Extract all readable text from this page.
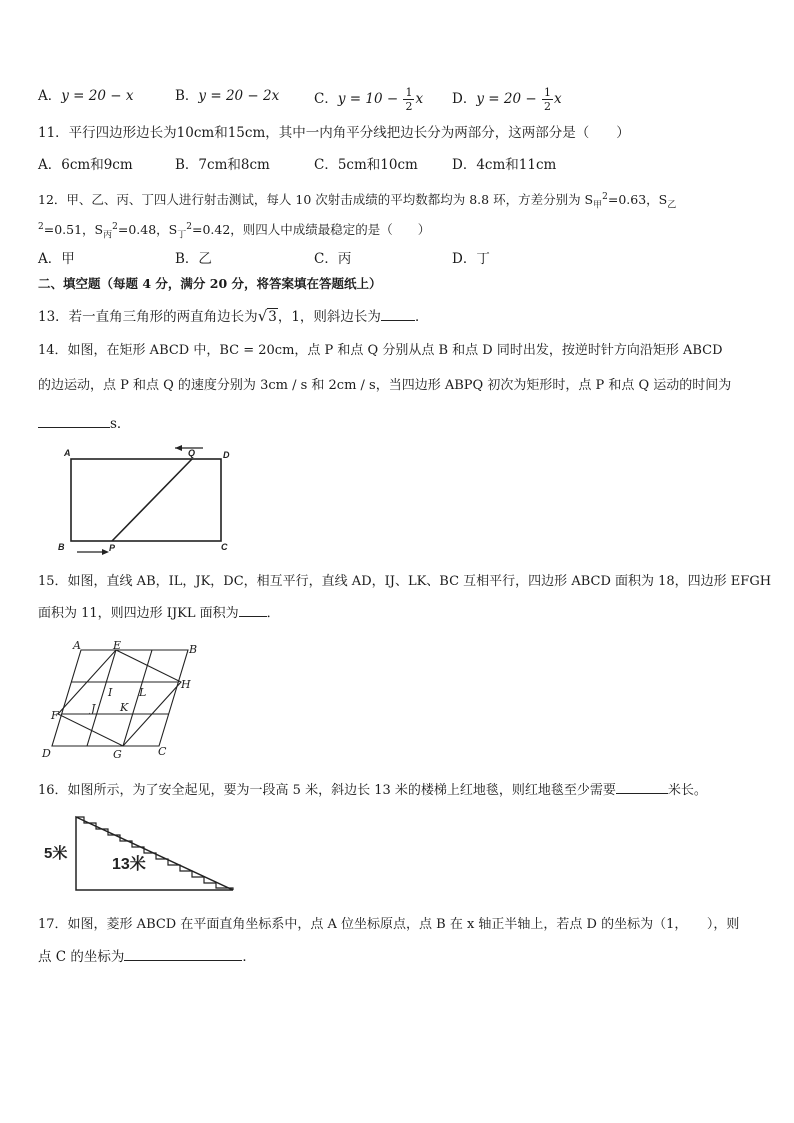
A．y = 20 − x	B．y = 20 − 2x	C．$y = 10 - \frac{1}{2}$ x D．$y = 20 - \frac{1}{2}$ x
11．平行四边形边长为10cm和15cm，其中一内角平分线把边长分为两部分，这两部分是（　　）
A．6cm和9cm	B．7cm和8cm	C．5cm和10cm	D．4cm和11cm
12．甲、乙、丙、丁四人进行射击测试，每人 10 次射击成绩的平均数都均为 8.8 环，方差分别为 $S_甲^2=0.63$，$S_乙$
$^2$=0.51，$S_丙^2=0.48$，$S_丁^2=0.42$，则四人中成绩最稳定的是（　　）
A．甲	B．乙	C．丙	D．丁
二、填空题（每题 4 分，满分 20 分，将答案填在答题纸上）
13．若一直角三角形的两直角边长为√3，1，则斜边长为	．
14．如图，在矩形 ABCD 中，BC = 20cm，点 P 和点 Q 分别从点 B 和点 D 同时出发，按逆时针方向沿矩形 ABCD
的边运动，点 P 和点 Q 的速度分别为 3cm / s 和 2cm / s，当四边形 ABPQ 初次为矩形时，点 P 和点 Q 运动的时间为
s．
A	D
B	C
Q
P
15．如图，直线 AB，IL，JK，DC，相互平行，直线 AD，IJ、LK、BC 互相平行，四边形 ABCD 面积为 18，四边形 EFGH
面积为 11，则四边形 IJKL 面积为 ．
A	E	B
H
F
D	G	C
I L
J K
16．如图所示，为了安全起见，要为一段高 5 米，斜边长 13 米的楼梯上红地毯，则红地毯至少需要	米长。
5米
13米
17．如图，菱形 ABCD 在平面直角坐标系中，点 A 位坐标原点，点 B 在 x 轴正半轴上，若点 D 的坐标为（1，　　），则
点 C 的坐标为	．
